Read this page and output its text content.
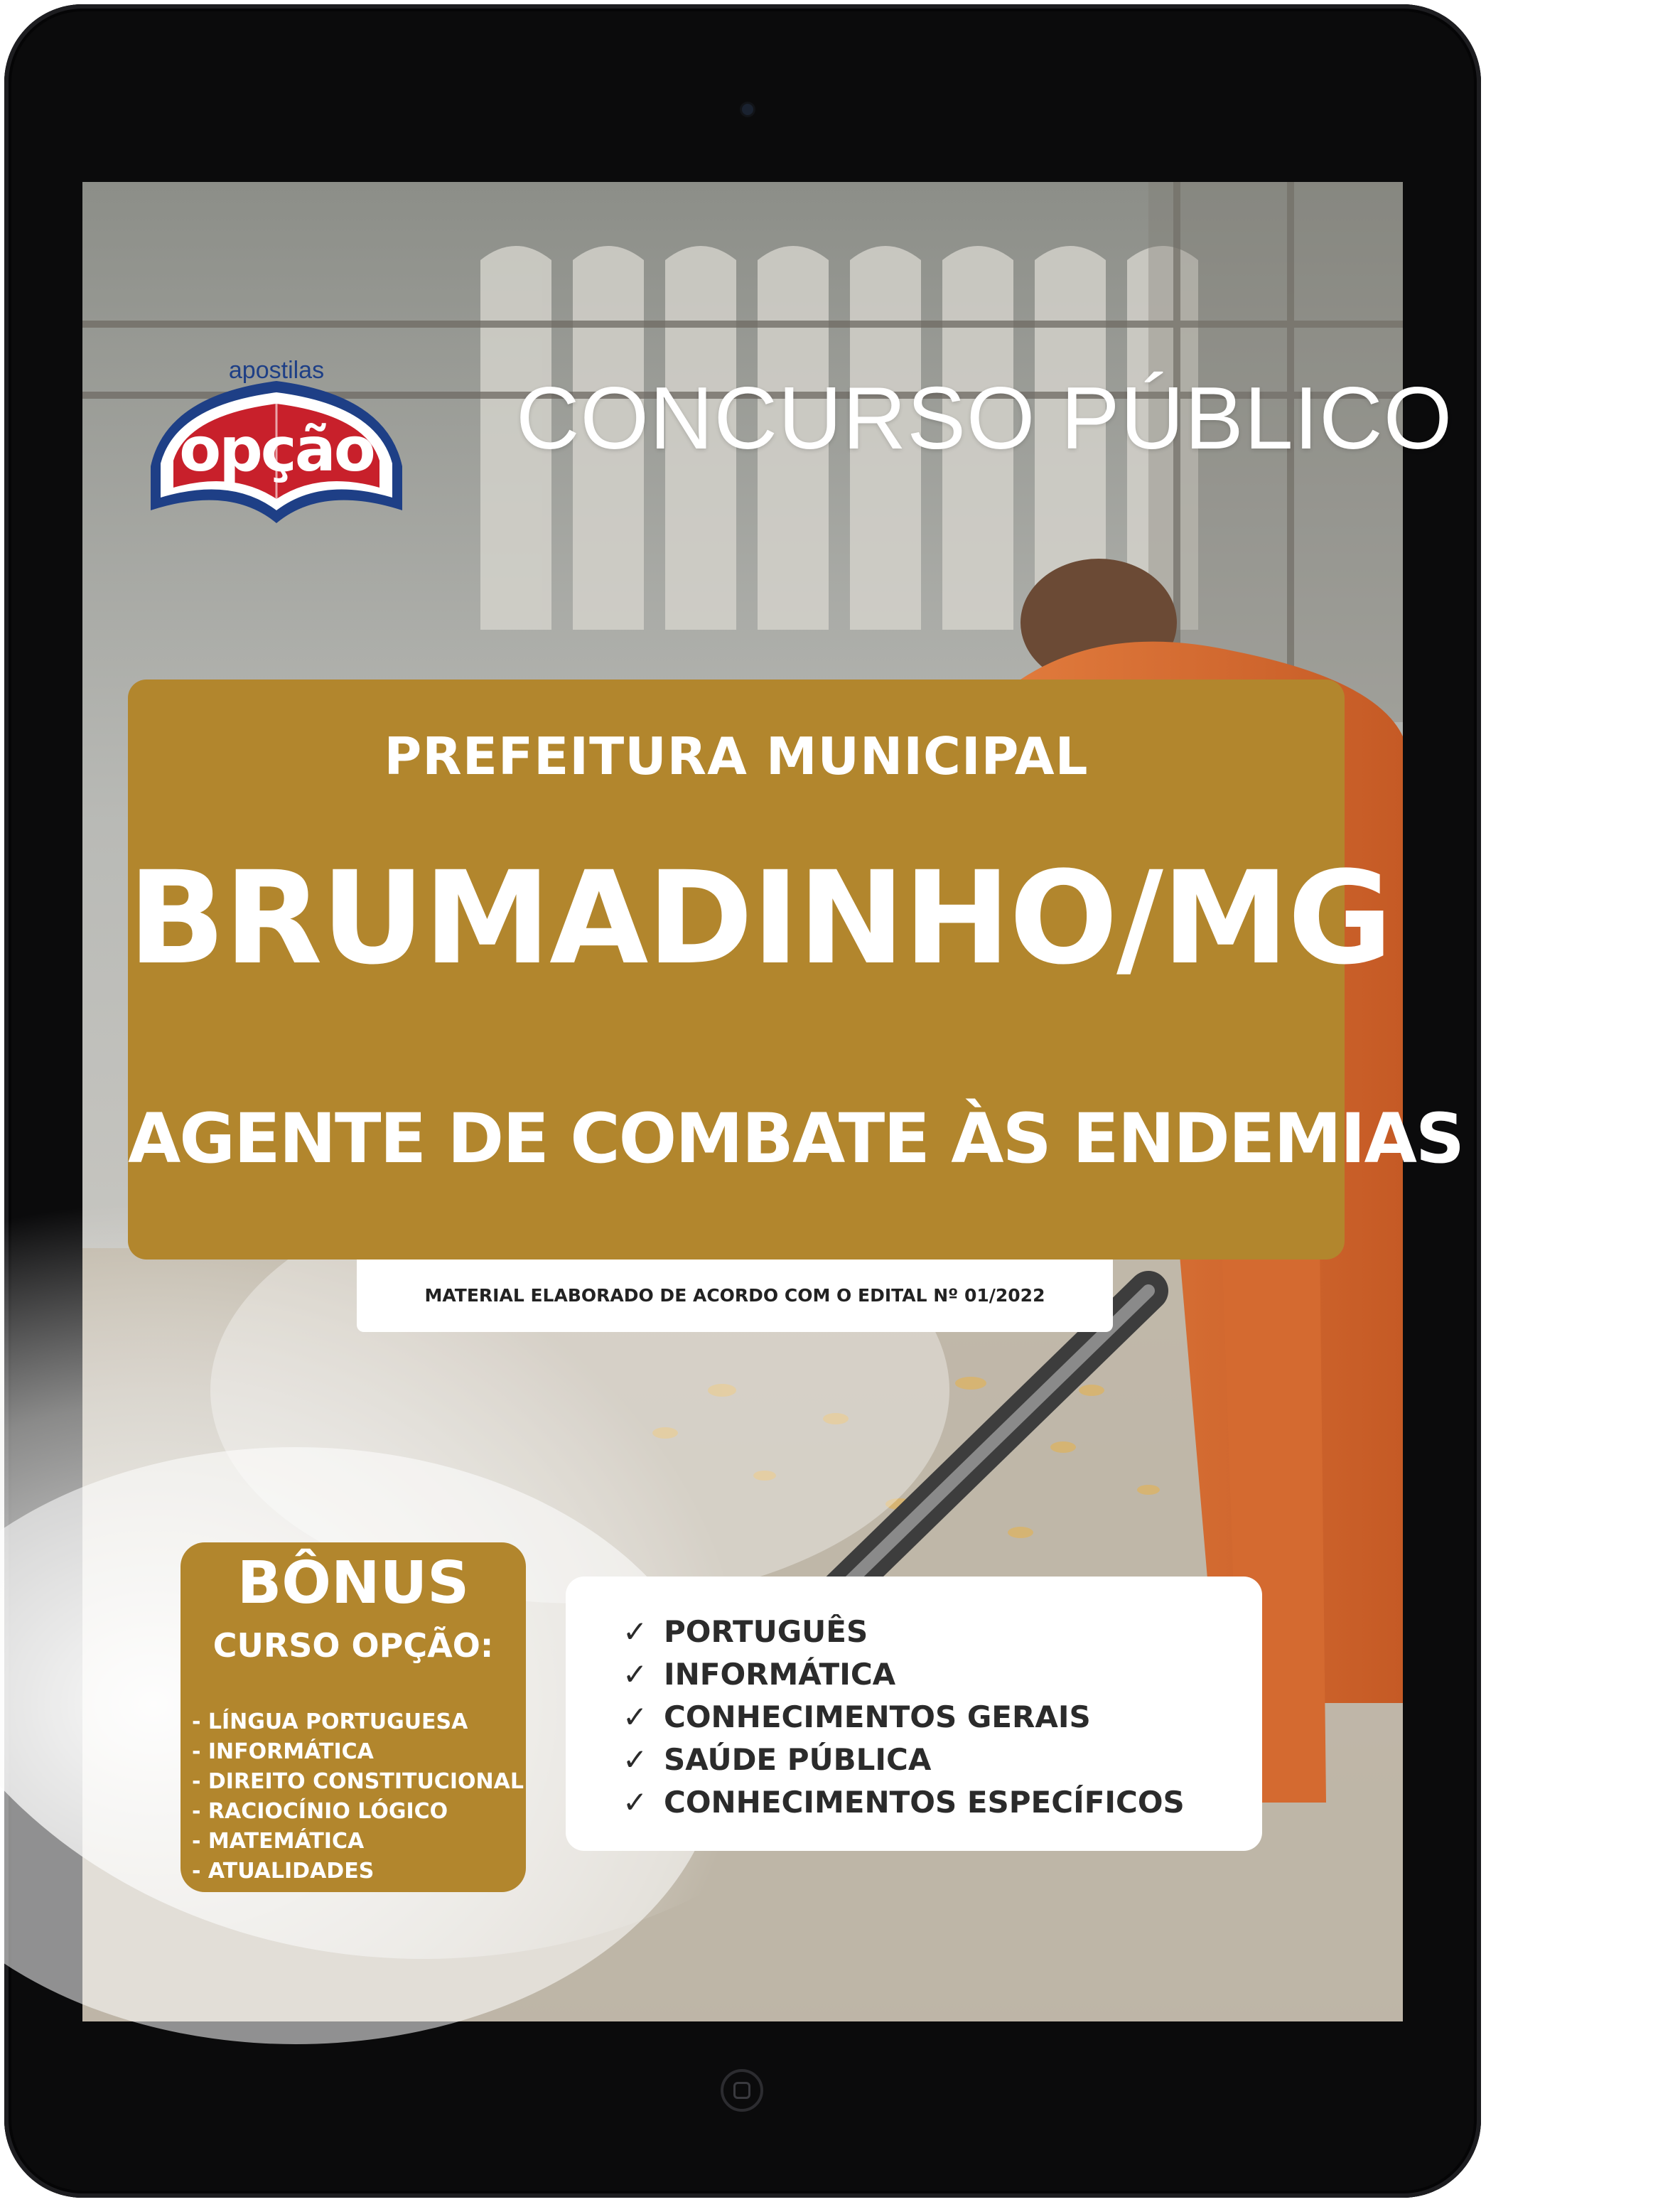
apostilas
opção CONCURSO PÚBLICO
PREFEITURA MUNICIPAL
BRUMADINHO/MG
AGENTE DE COMBATE ÀS ENDEMIAS - ACE
MATERIAL ELABORADO DE ACORDO COM O EDITAL Nº 01/2022
BÔNUS
CURSO OPÇÃO:
- LÍNGUA PORTUGUESA
- INFORMÁTICA
- DIREITO CONSTITUCIONAL
- RACIOCÍNIO LÓGICO
- MATEMÁTICA
- ATUALIDADES
✓ PORTUGUÊS
✓ INFORMÁTICA
✓ CONHECIMENTOS GERAIS
✓ SAÚDE PÚBLICA
✓ CONHECIMENTOS ESPECÍFICOS
